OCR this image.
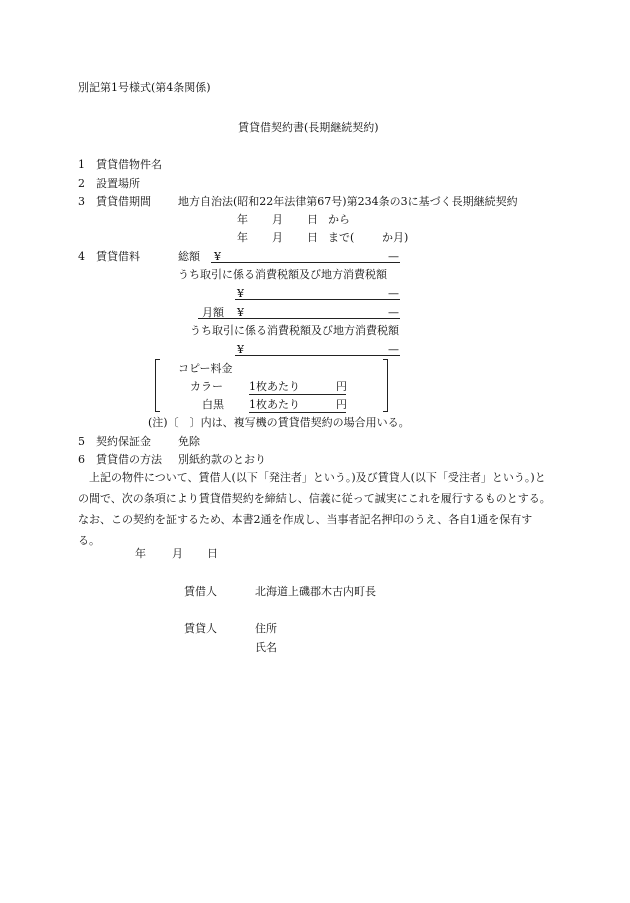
別記第1号様式(第4条関係)
賃貸借契約書(長期継続契約)
1 賃貸借物件名
2 設置場所
3 賃貸借期間 地方自治法(昭和22年法律第67号)第234条の3に基づく長期継続契約
年 月 日 から
年 月 日 まで(	か月)
4 賃貸借料	総額 ¥	—
うち取引に係る消費税額及び地方消費税額
¥	—
月額 ¥	—
うち取引に係る消費税額及び地方消費税額
¥	—
コピー料金
カラー 1枚あたり	円
白黒 1枚あたり	円
(注)〔　〕内は、複写機の賃貸借契約の場合用いる。
5 契約保証金 免除
6 賃貸借の方法 別紙約款のとおり
上記の物件について、賃借人(以下「発注者」という。)及び賃貸人(以下「受注者」という。)との間で、次の条項により賃貸借契約を締結し、信義に従って誠実にこれを履行するものとする。なお、この契約を証するため、本書2通を作成し、当事者記名押印のうえ、各自1通を保有する。
年 月 日
賃借人	北海道上磯郡木古内町長
賃貸人	住所
氏名
